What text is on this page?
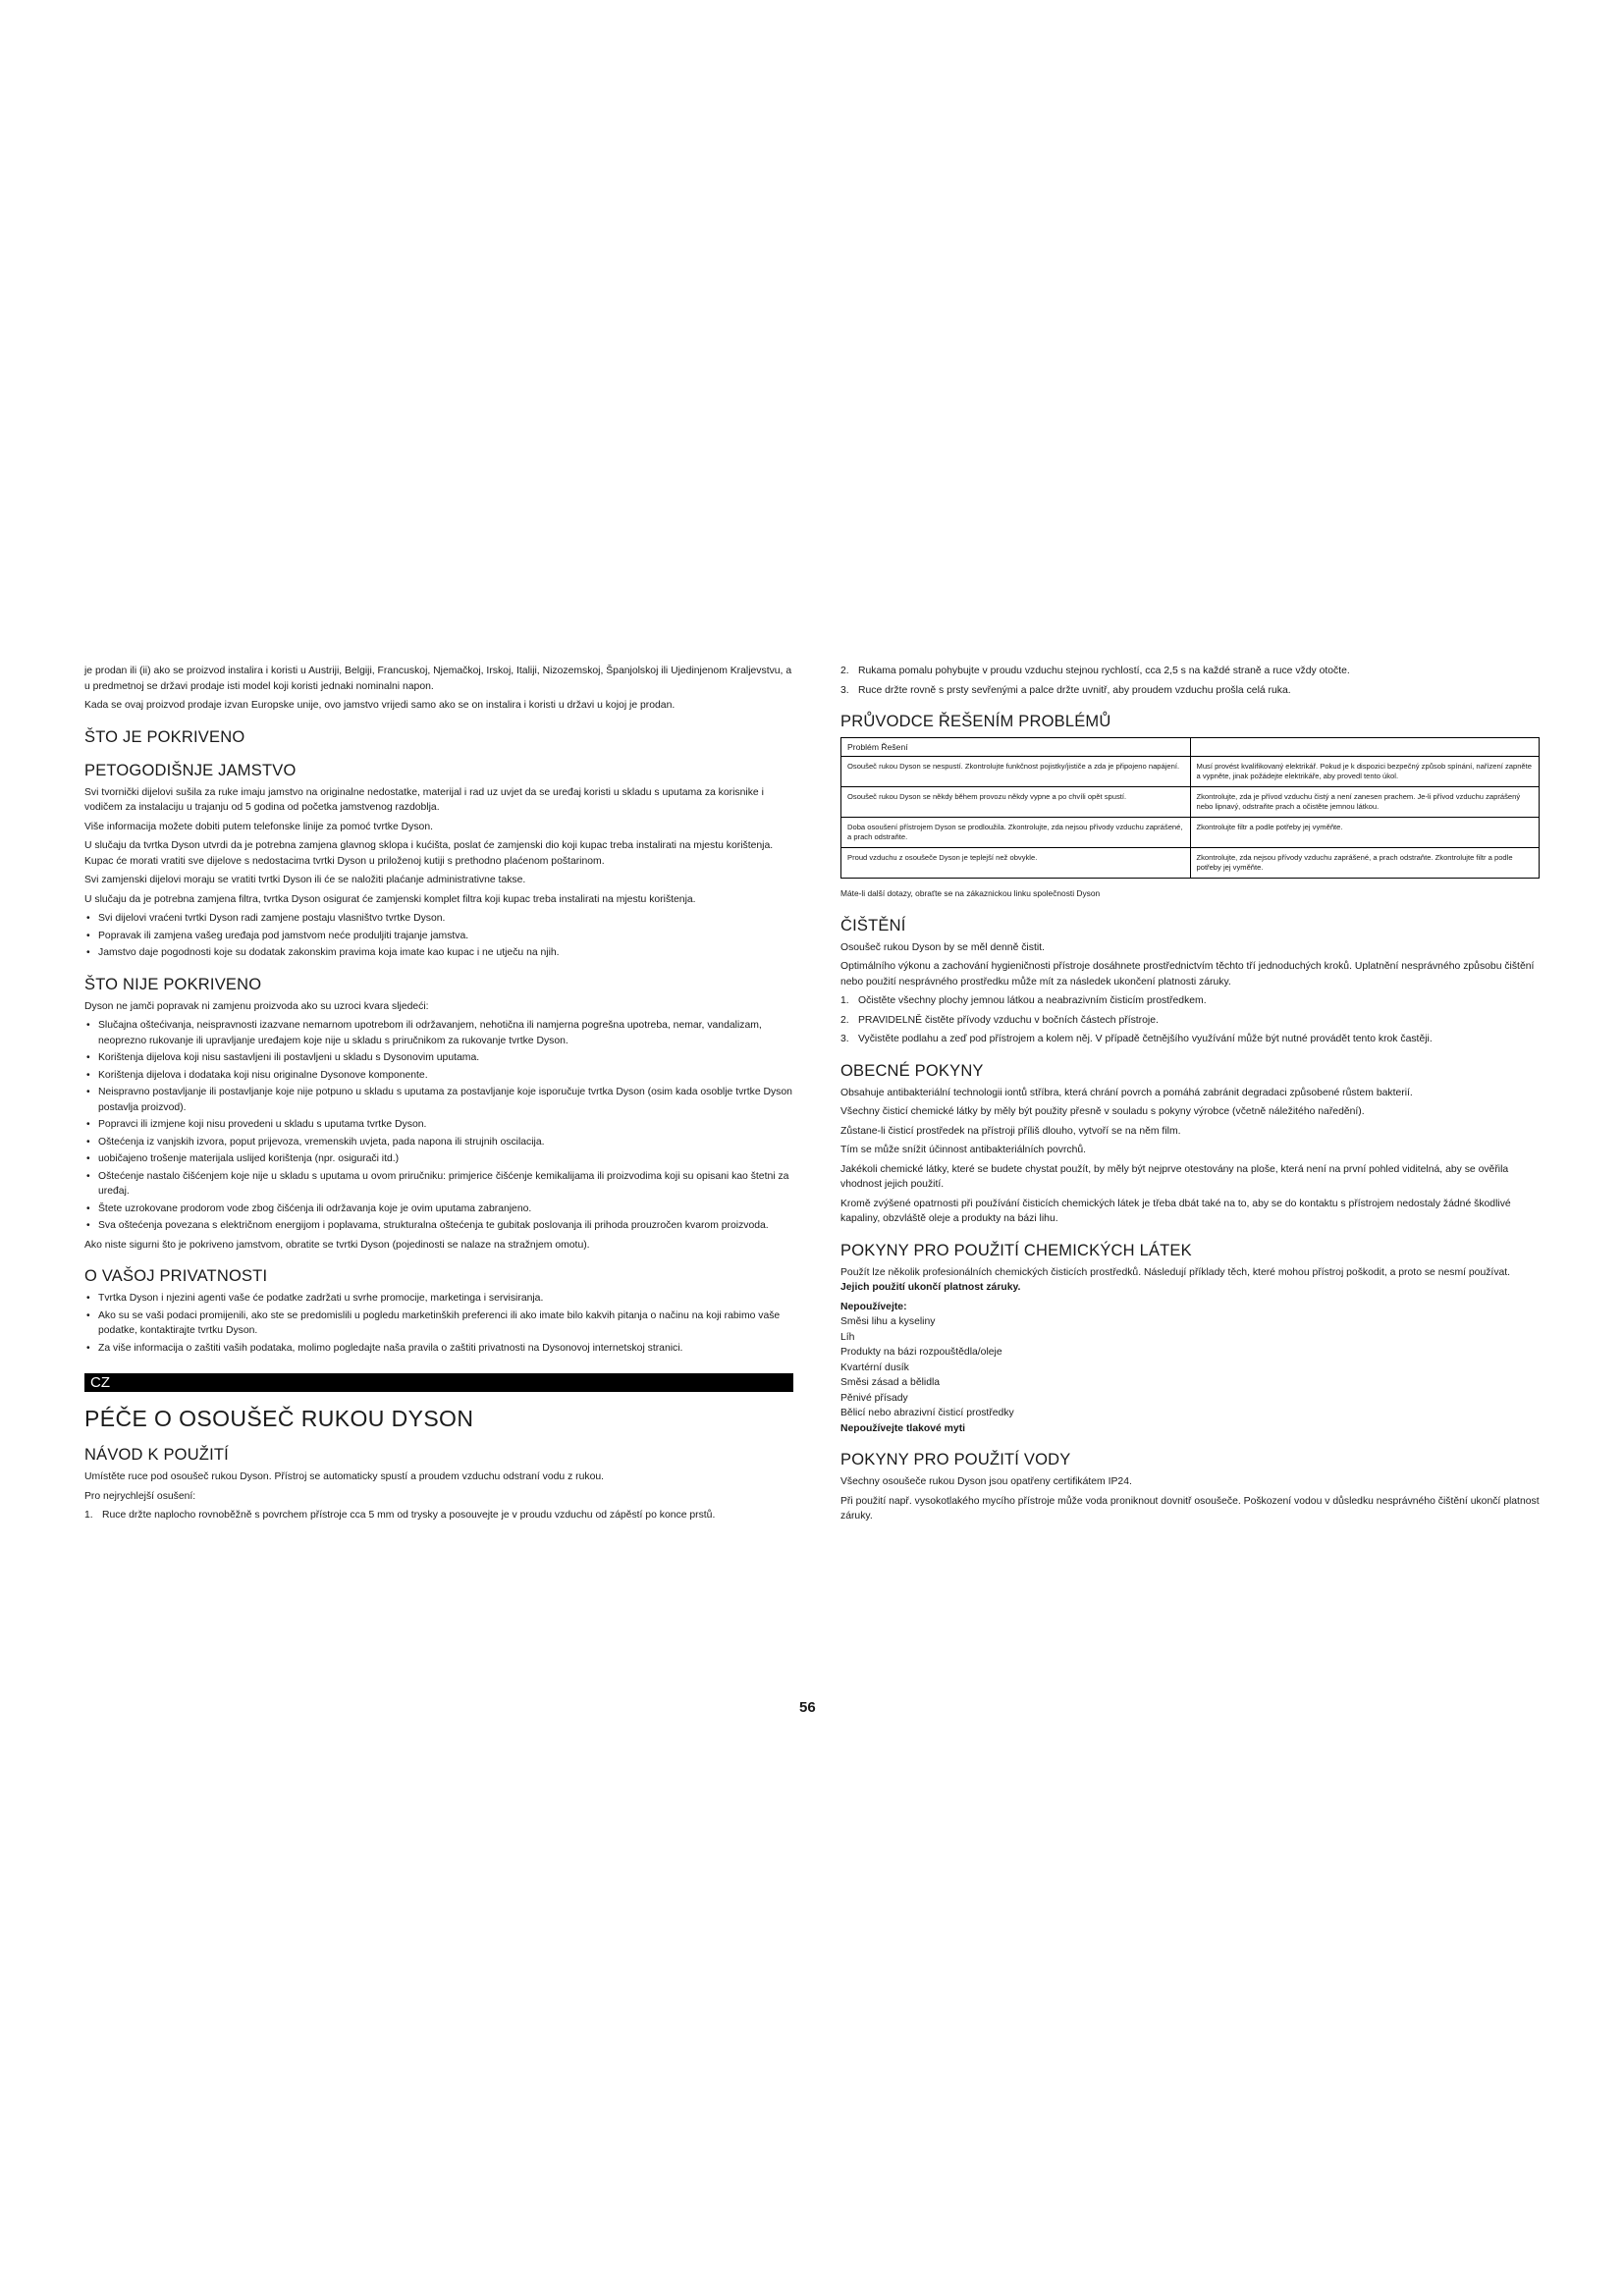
je prodan ili (ii) ako se proizvod instalira i koristi u Austriji, Belgiji, Francuskoj, Njemačkoj, Irskoj, Italiji, Nizozemskoj, Španjolskoj ili Ujedinjenom Kraljevstvu, a u predmetnoj se državi prodaje isti model koji koristi jednaki nominalni napon.

Kada se ovaj proizvod prodaje izvan Europske unije, ovo jamstvo vrijedi samo ako se on instalira i koristi u državi u kojoj je prodan.

ŠTO JE POKRIVENO
PETOGODIŠNJE JAMSTVO

Svi tvornički dijelovi sušila za ruke imaju jamstvo na originalne nedostatke, materijal i rad uz uvjet da se uređaj koristi u skladu s uputama za korisnike i vodičem za instalaciju u trajanju od 5 godina od početka jamstvenog razdoblja.

Više informacija možete dobiti putem telefonske linije za pomoć tvrtke Dyson.

U slučaju da tvrtka Dyson utvrdi da je potrebna zamjena glavnog sklopa i kućišta, poslat će zamjenski dio koji kupac treba instalirati na mjestu korištenja. Kupac će morati vratiti sve dijelove s nedostacima tvrtki Dyson u priloženoj kutiji s prethodno plaćenom poštarinom.

Svi zamjenski dijelovi moraju se vratiti tvrtki Dyson ili će se naložiti plaćanje administrativne takse.

U slučaju da je potrebna zamjena filtra, tvrtka Dyson osigurat će zamjenski komplet filtra koji kupac treba instalirati na mjestu korištenja.

• Svi dijelovi vraćeni tvrtki Dyson radi zamjene postaju vlasništvo tvrtke Dyson.
• Popravak ili zamjena vašeg uređaja pod jamstvom neće produljiti trajanje jamstva.
• Jamstvo daje pogodnosti koje su dodatak zakonskim pravima koja imate kao kupac i ne utječu na njih.
ŠTO NIJE POKRIVENO

Dyson ne jamči popravak ni zamjenu proizvoda ako su uzroci kvara sljedeći:

• Slučajna oštećivanja, neispravnosti izazvane nemarnom upotrebom ili održavanjem, nehotična ili namjerna pogrešna upotreba, nemar, vandalizam, neoprezno rukovanje ili upravljanje uređajem koje nije u skladu s priručnikom za rukovanje tvrtke Dyson.
• Korištenja dijelova koji nisu sastavljeni ili postavljeni u skladu s Dysonovim uputama.
• Korištenja dijelova i dodataka koji nisu originalne Dysonove komponente.
• Neispravno postavljanje ili postavljanje koje nije potpuno u skladu s uputama za postavljanje koje isporučuje tvrtka Dyson (osim kada osoblje tvrtke Dyson postavlja proizvod).
• Popravci ili izmjene koji nisu provedeni u skladu s uputama tvrtke Dyson.
• Oštećenja iz vanjskih izvora, poput prijevoza, vremenskih uvjeta, pada napona ili strujnih oscilacija.
• uobičajeno trošenje materijala uslijed korištenja (npr. osigurači itd.)
• Oštećenje nastalo čišćenjem koje nije u skladu s uputama u ovom priručniku: primjerice čišćenje kemikalijama ili proizvodima koji su opisani kao štetni za uređaj.
• Štete uzrokovane prodorom vode zbog čišćenja ili održavanja koje je ovim uputama zabranjeno.
• Sva oštećenja povezana s električnom energijom i poplavama, strukturalna oštećenja te gubitak poslovanja ili prihoda prouzročen kvarom proizvoda.

Ako niste sigurni što je pokriveno jamstvom, obratite se tvrtki Dyson (pojedinosti se nalaze na stražnjem omotu).

O VAŠOJ PRIVATNOSTI
• Tvrtka Dyson i njezini agenti vaše će podatke zadržati u svrhe promocije, marketinga i servisiranja.
• Ako su se vaši podaci promijenili, ako ste se predomislili u pogledu marketinških preferenci ili ako imate bilo kakvih pitanja o načinu na koji rabimo vaše podatke, kontaktirajte tvrtku Dyson.
• Za više informacija o zaštiti vaših podataka, molimo pogledajte naša pravila o zaštiti privatnosti na Dysonovoj internetskoj stranici.
CZ
PÉČE O OSOUŠEČ RUKOU DYSON
NÁVOD K POUŽITÍ

Umístěte ruce pod osoušeč rukou Dyson. Přístroj se automaticky spustí a proudem vzduchu odstraní vodu z rukou.

Pro nejrychlejší osušení:

1. Ruce držte naplocho rovnoběžně s povrchem přístroje cca 5 mm od trysky a posouvejte je v proudu vzduchu od zápěstí po konce prstů.
2. Rukama pomalu pohybujte v proudu vzduchu stejnou rychlostí, cca 2,5 s na každé straně a ruce vždy otočte.
3. Ruce držte rovně s prsty sevřenými a palce držte uvnitř, aby proudem vzduchu prošla celá ruka.
PRŮVODCE ŘEŠENÍM PROBLÉMŮ
Problém Řešení	
Osoušeč rukou Dyson se nespustí. Zkontrolujte funkčnost pojistky/jističe a zda je připojeno napájení.	Musí provést kvalifikovaný elektrikář. Pokud je k dispozici bezpečný způsob spínání, nařízení zapněte a vypněte, jinak požádejte elektrikáře, aby provedl tento úkol.
Osoušeč rukou Dyson se někdy během provozu někdy vypne a po chvíli opět spustí.	Zkontrolujte, zda je přívod vzduchu čistý a není zanesen prachem. Je-li přívod vzduchu zaprášený nebo lipnavý, odstraňte prach a očistěte jemnou látkou.
Doba osoušení přístrojem Dyson se prodloužila. Zkontrolujte, zda nejsou přívody vzduchu zaprášené, a prach odstraňte.	Zkontrolujte filtr a podle potřeby jej vyměňte.
Proud vzduchu z osoušeče Dyson je teplejší než obvykle.	Zkontrolujte, zda nejsou přívody vzduchu zaprášené, a prach odstraňte. Zkontrolujte filtr a podle potřeby jej vyměňte.

Máte-li další dotazy, obraťte se na zákaznickou linku společnosti Dyson

ČIŠTĚNÍ

Osoušeč rukou Dyson by se měl denně čistit.

Optimálního výkonu a zachování hygieničnosti přístroje dosáhnete prostřednictvím těchto tří jednoduchých kroků. Uplatnění nesprávného způsobu čištění nebo použití nesprávného prostředku může mít za následek ukončení platnosti záruky.

1. Očistěte všechny plochy jemnou látkou a neabrazivním čisticím prostředkem.
2. PRAVIDELNĚ čistěte přívody vzduchu v bočních částech přístroje.
3. Vyčistěte podlahu a zeď pod přístrojem a kolem něj. V případě četnějšího využívání může být nutné provádět tento krok častěji.
OBECNÉ POKYNY

Obsahuje antibakteriální technologii iontů stříbra, která chrání povrch a pomáhá zabránit degradaci způsobené růstem bakterií.

Všechny čisticí chemické látky by měly být použity přesně v souladu s pokyny výrobce (včetně náležitého naředění).

Zůstane-li čisticí prostředek na přístroji příliš dlouho, vytvoří se na něm film.

Tím se může snížit účinnost antibakteriálních povrchů.

Jakékoli chemické látky, které se budete chystat použít, by měly být nejprve otestovány na ploše, která není na první pohled viditelná, aby se ověřila vhodnost jejich použití.

Kromě zvýšené opatrnosti při používání čisticích chemických látek je třeba dbát také na to, aby se do kontaktu s přístrojem nedostaly žádné škodlivé kapaliny, obzvláště oleje a produkty na bázi lihu.

POKYNY PRO POUŽITÍ CHEMICKÝCH LÁTEK

Použít lze několik profesionálních chemických čisticích prostředků. Následují příklady těch, které mohou přístroj poškodit, a proto se nesmí používat. Jejich použití ukončí platnost záruky.

Nepoužívejte:
Směsi lihu a kyseliny
Líh
Produkty na bázi rozpouštědla/oleje
Kvartérní dusík
Směsi zásad a bělidla
Pěnivé přísady
Bělicí nebo abrazivní čisticí prostředky
Nepoužívejte tlakové myti
POKYNY PRO POUŽITÍ VODY

Všechny osoušeče rukou Dyson jsou opatřeny certifikátem IP24.

Při použití např. vysokotlakého mycího přístroje může voda proniknout dovnitř osoušeče. Poškození vodou v důsledku nesprávného čištění ukončí platnost záruky.

56
